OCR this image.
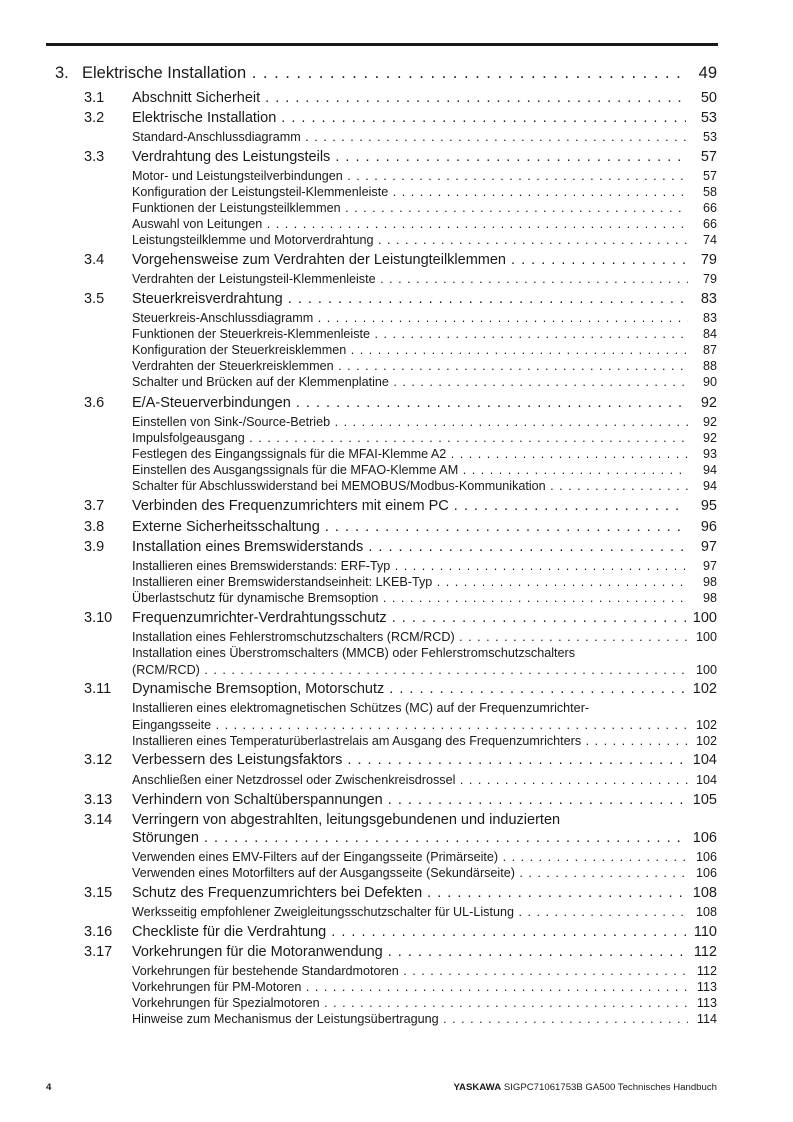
3. Elektrische Installation . . .	49
3.1 Abschnitt Sicherheit . . .	50
3.2 Elektrische Installation . . .	53
Standard-Anschlussdiagramm . . .	53
3.3 Verdrahtung des Leistungsteils . . .	57
Motor- und Leistungsteilverbindungen . . .	57
Konfiguration der Leistungsteil-Klemmenleiste . . .	58
Funktionen der Leistungsteilklemmen . . .	66
Auswahl von Leitungen . . .	66
Leistungsteilklemme und Motorverdrahtung . . .	74
3.4 Vorgehensweise zum Verdrahten der Leistungteilklemmen . . .	79
Verdrahten der Leistungsteil-Klemmenleiste . . .	79
3.5 Steuerkreisverdrahtung . . .	83
Steuerkreis-Anschlussdiagramm . . .	83
Funktionen der Steuerkreis-Klemmenleiste . . .	84
Konfiguration der Steuerkreisklemmen . . .	87
Verdrahten der Steuerkreisklemmen . . .	88
Schalter und Brücken auf der Klemmenplatine . . .	90
3.6 E/A-Steuerverbindungen . . .	92
Einstellen von Sink-/Source-Betrieb . . .	92
Impulsfolgeausgang . . .	92
Festlegen des Eingangssignals für die MFAI-Klemme A2 . . .	93
Einstellen des Ausgangssignals für die MFAO-Klemme AM . . .	94
Schalter für Abschlusswiderstand bei MEMOBUS/Modbus-Kommunikation . . .	94
3.7 Verbinden des Frequenzumrichters mit einem PC . . .	95
3.8 Externe Sicherheitsschaltung . . .	96
3.9 Installation eines Bremswiderstands . . .	97
Installieren eines Bremswiderstands: ERF-Typ . . .	97
Installieren einer Bremswiderstandseinheit: LKEB-Typ . . .	98
Überlastschutz für dynamische Bremsoption . . .	98
3.10 Frequenzumrichter-Verdrahtungsschutz . . .	100
Installation eines Fehlerstromschutzschalters (RCM/RCD) . . .	100
Installation eines Überstromschalters (MMCB) oder Fehlerstromschutzschalters
(RCM/RCD) . . .	100
3.11 Dynamische Bremsoption, Motorschutz . . .	102
Installieren eines elektromagnetischen Schützes (MC) auf der Frequenzumrichter-
Eingangsseite . . .	102
Installieren eines Temperaturüberlastrelais am Ausgang des Frequenzumrichters . . .	102
3.12 Verbessern des Leistungsfaktors . . .	104
Anschließen einer Netzdrossel oder Zwischenkreisdrossel . . .	104
3.13 Verhindern von Schaltüberspannungen . . .	105
3.14 Verringern von abgestrahlten, leitungsgebundenen und induzierten
Störungen . . .	106
Verwenden eines EMV-Filters auf der Eingangsseite (Primärseite) . . .	106
Verwenden eines Motorfilters auf der Ausgangsseite (Sekundärseite) . . .	106
3.15 Schutz des Frequenzumrichters bei Defekten . . .	108
Werksseitig empfohlener Zweigleitungsschutzschalter für UL-Listung . . .	108
3.16 Checkliste für die Verdrahtung . . .	110
3.17 Vorkehrungen für die Motoranwendung . . .	112
Vorkehrungen für bestehende Standardmotoren . . .	112
Vorkehrungen für PM-Motoren . . .	113
Vorkehrungen für Spezialmotoren . . .	113
Hinweise zum Mechanismus der Leistungsübertragung . . .	114
4	YASKAWA SIGPC71061753B GA500 Technisches Handbuch
